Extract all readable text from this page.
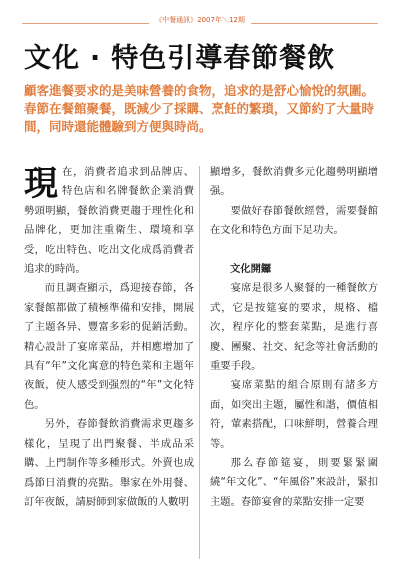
《中餐通訊》2007年＼12期
文化 ‧ 特色引導春節餐飲
顧客進餐要求的是美味營養的食物，追求的是舒心愉悅的氛圍。春節在餐館聚餐，既減少了採購、烹飪的繁瑣，又節約了大量時間，同時還能體驗到方便與時尚。

現在，消費者追求到品牌店、特色店和名牌餐飲企業消費勢頭明顯，餐飲消費更趨于理性化和品牌化，更加注重衛生、環境和享受，吃出特色、吃出文化成爲消費者追求的時尚。

而且調查顯示，爲迎接春節，各家餐館都做了積極準備和安排，開展了主題各异、豐富多彩的促銷活動。精心設計了宴席菜品，并相應增加了具有“年”文化寓意的特色菜和主題年夜飯，使人感受到强烈的“年”文化特色。

另外，春節餐飲消費需求更趨多樣化，呈現了出門聚餐、半成品采購、上門制作等多種形式。外賣也成爲節日消費的亮點。舉家在外用餐、訂年夜飯，請厨師到家做飯的人數明

顯增多，餐飲消費多元化趨勢明顯增强。

要做好春節餐飲經營，需要餐館在文化和特色方面下足功夫。

文化開鑼

宴席是很多人聚餐的一種餐飲方式，它是按筵宴的要求，規格、檔次，程序化的整套菜點，是進行喜慶、團聚、社交、紀念等社會活動的重要手段。

宴席菜點的組合原則有諸多方面，如突出主題，屬性和諧，價值相符，葷素搭配，口味鮮明，營養合理等。

那么春節筵宴，則要緊緊圍繞“年文化”、“年風俗”來設計，緊扣主題。春節宴會的菜點安排一定要
